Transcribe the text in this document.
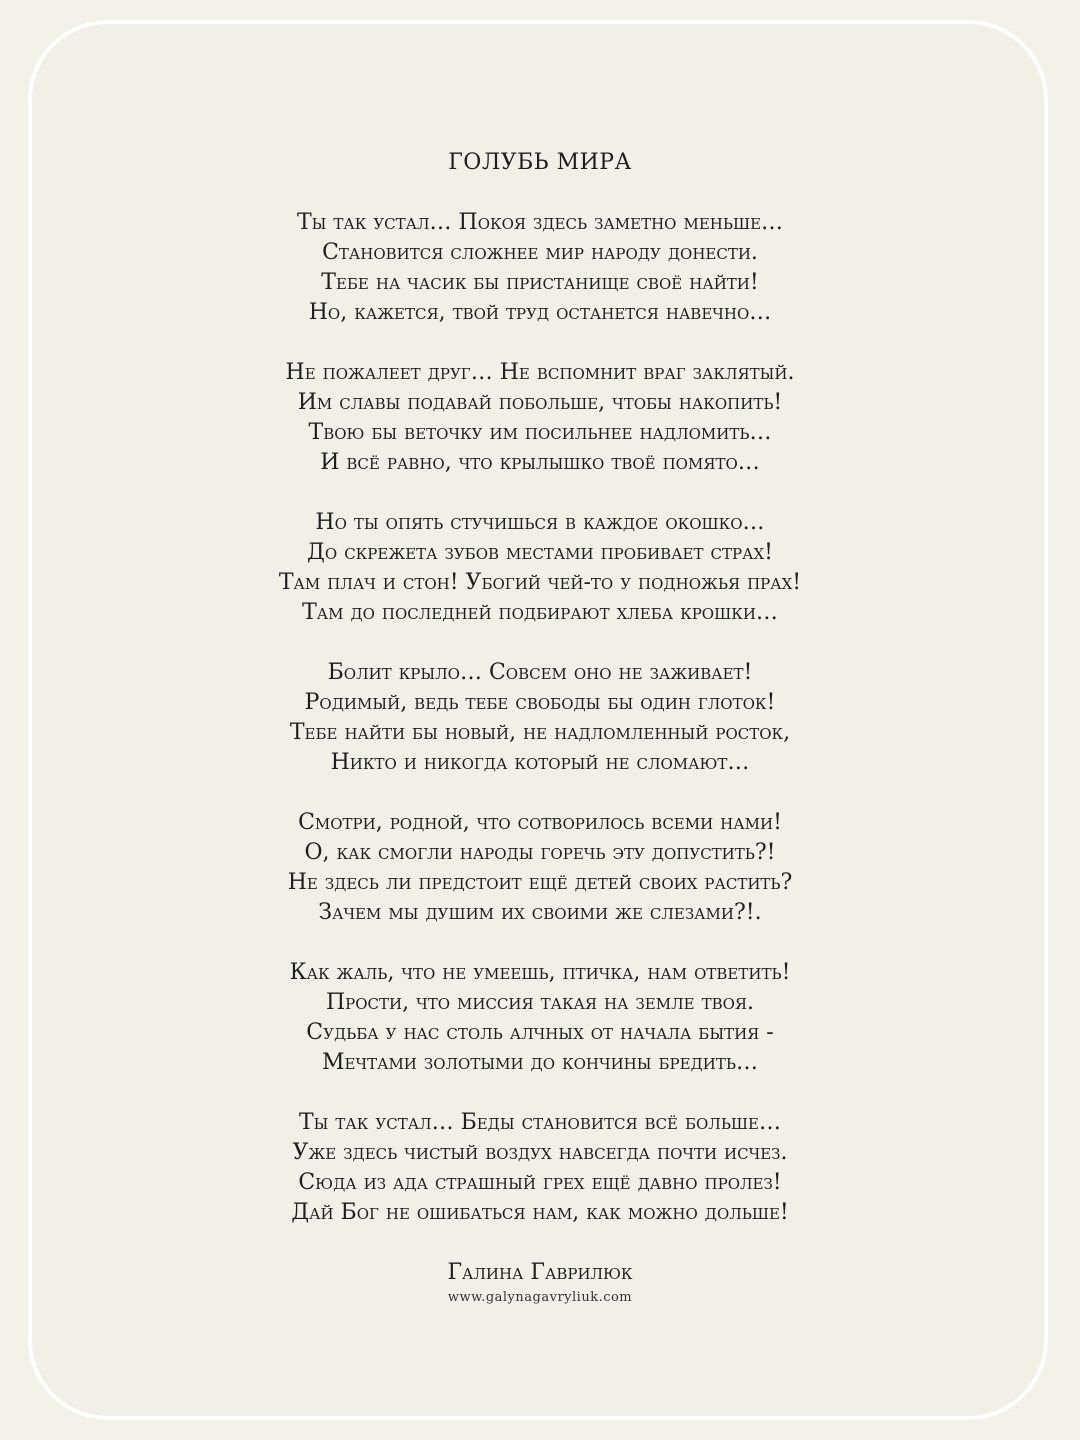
ГОЛУБЬ МИРА
Ты так устал… Покоя здесь заметно меньше…
Становится сложнее мир народу донести.
Тебе на часик бы пристанище своё найти!
Но, кажется, твой труд останется навечно…
Не пожалеет друг… Не вспомнит враг заклятый.
Им славы подавай побольше, чтобы накопить!
Твою бы веточку им посильнее надломить…
И всё равно, что крылышко твоё помято…
Но ты опять стучишься в каждое окошко…
До скрежета зубов местами пробивает страх!
Там плач и стон! Убогий чей-то у подножья прах!
Там до последней подбирают хлеба крошки…
Болит крыло… Совсем оно не заживает!
Родимый, ведь тебе свободы бы один глоток!
Тебе найти бы новый, не надломленный росток,
Никто и никогда который не сломают…
Смотри, родной, что сотворилось всеми нами!
О, как смогли народы горечь эту допустить?!
Не здесь ли предстоит ещё детей своих растить?
Зачем мы душим их своими же слезами?!.
Как жаль, что не умеешь, птичка, нам ответить!
Прости, что миссия такая на земле твоя.
Судьба у нас столь алчных от начала бытия -
Мечтами золотыми до кончины бредить…
Ты так устал… Беды становится всё больше…
Уже здесь чистый воздух навсегда почти исчез.
Сюда из ада страшный грех ещё давно пролез!
Дай Бог не ошибаться нам, как можно дольше!
Галина Гаврилюк
www.galynagavryliuk.com
